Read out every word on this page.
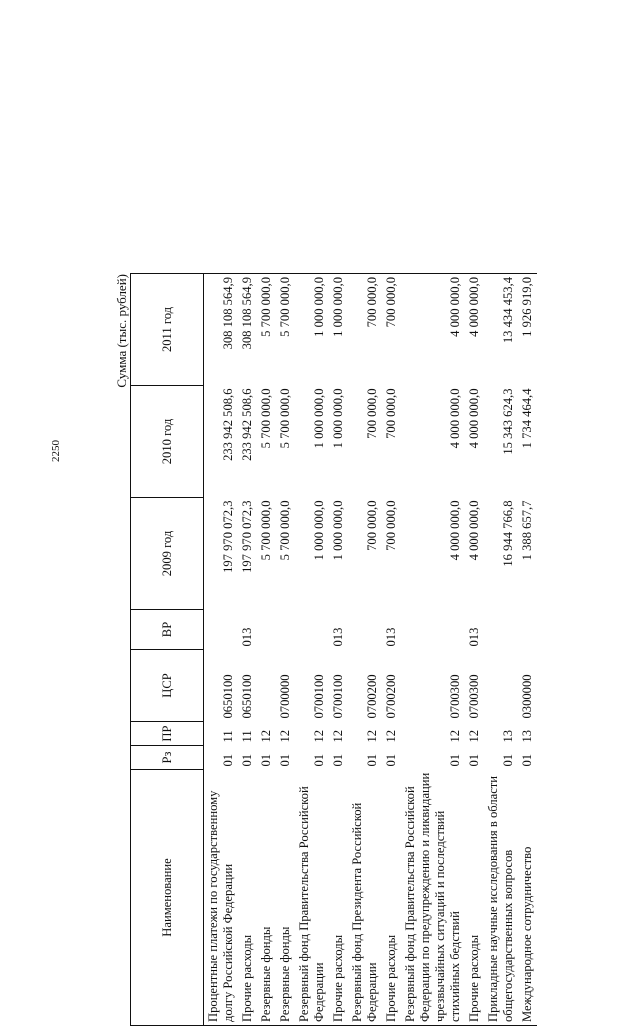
2250
Сумма (тыс. рублей)
Наименование	Рз	ПР	ЦСР	ВР	2009 год	2010 год	2011 год
Процентные платежи по государственному долгу Российской Федерации	01	11	0650100		197 970 072,3	233 942 508,6	308 108 564,9
Прочие расходы	01	11	0650100	013	197 970 072,3	233 942 508,6	308 108 564,9
Резервные фонды	01	12			5 700 000,0	5 700 000,0	5 700 000,0
Резервные фонды	01	12	0700000		5 700 000,0	5 700 000,0	5 700 000,0
Резервный фонд Правительства Российской Федерации	01	12	0700100		1 000 000,0	1 000 000,0	1 000 000,0
Прочие расходы	01	12	0700100	013	1 000 000,0	1 000 000,0	1 000 000,0
Резервный фонд Президента Российской Федерации	01	12	0700200		700 000,0	700 000,0	700 000,0
Прочие расходы	01	12	0700200	013	700 000,0	700 000,0	700 000,0
Резервный фонд Правительства Российской Федерации по предупреждению и ликвидации чрезвычайных ситуаций и последствий стихийных бедствий	01	12	0700300		4 000 000,0	4 000 000,0	4 000 000,0
Прочие расходы	01	12	0700300	013	4 000 000,0	4 000 000,0	4 000 000,0
Прикладные научные исследования в области общегосударственных вопросов	01	13			16 944 766,8	15 343 624,3	13 434 453,4
Международное сотрудничество	01	13	0300000		1 388 657,7	1 734 464,4	1 926 919,0
